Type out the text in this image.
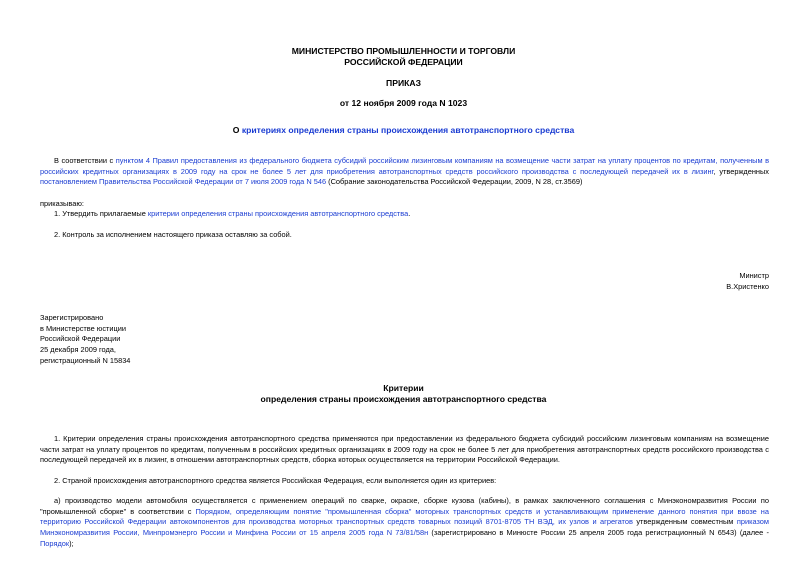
МИНИСТЕРСТВО ПРОМЫШЛЕННОСТИ И ТОРГОВЛИ
РОССИЙСКОЙ ФЕДЕРАЦИИ
ПРИКАЗ
от 12 ноября 2009 года N 1023
О критериях определения страны происхождения автотранспортного средства

В соответствии с пунктом 4 Правил предоставления из федерального бюджета субсидий российским лизинговым компаниям на возмещение части затрат на уплату процентов по кредитам, полученным в российских кредитных организациях в 2009 году на срок не более 5 лет для приобретения автотранспортных средств российского производства с последующей передачей их в лизинг, утвержденных постановлением Правительства Российской Федерации от 7 июля 2009 года N 546 (Собрание законодательства Российской Федерации, 2009, N 28, ст.3569)

приказываю:
1. Утвердить прилагаемые критерии определения страны происхождения автотранспортного средства.
2. Контроль за исполнением настоящего приказа оставляю за собой.
Министр
В.Христенко
Зарегистрировано
в Министерстве юстиции
Российской Федерации
25 декабря 2009 года,
регистрационный N 15834
Критерии
определения страны происхождения автотранспортного средства

1. Критерии определения страны происхождения автотранспортного средства применяются при предоставлении из федерального бюджета субсидий российским лизинговым компаниям на возмещение части затрат на уплату процентов по кредитам, полученным в российских кредитных организациях в 2009 году на срок не более 5 лет для приобретения автотранспортных средств российского производства с последующей передачей их в лизинг, в отношении автотранспортных средств, сборка которых осуществляется на территории Российской Федерации.

2. Страной происхождения автотранспортного средства является Российская Федерация, если выполняется один из критериев:

а) производство модели автомобиля осуществляется с применением операций по сварке, окраске, сборке кузова (кабины), в рамках заключенного соглашения с Минэкономразвития России по "промышленной сборке" в соответствии с Порядком, определяющим понятие "промышленная сборка" моторных транспортных средств и устанавливающим применение данного понятия при ввозе на территорию Российской Федерации автокомпонентов для производства моторных транспортных средств товарных позиций 8701-8705 ТН ВЭД, их узлов и агрегатов утвержденным совместным приказом Минэкономразвития России, Минпромэнерго России и Минфина России от 15 апреля 2005 года N 73/81/58н (зарегистрировано в Минюсте России 25 апреля 2005 года регистрационный N 6543) (далее - Порядок);
